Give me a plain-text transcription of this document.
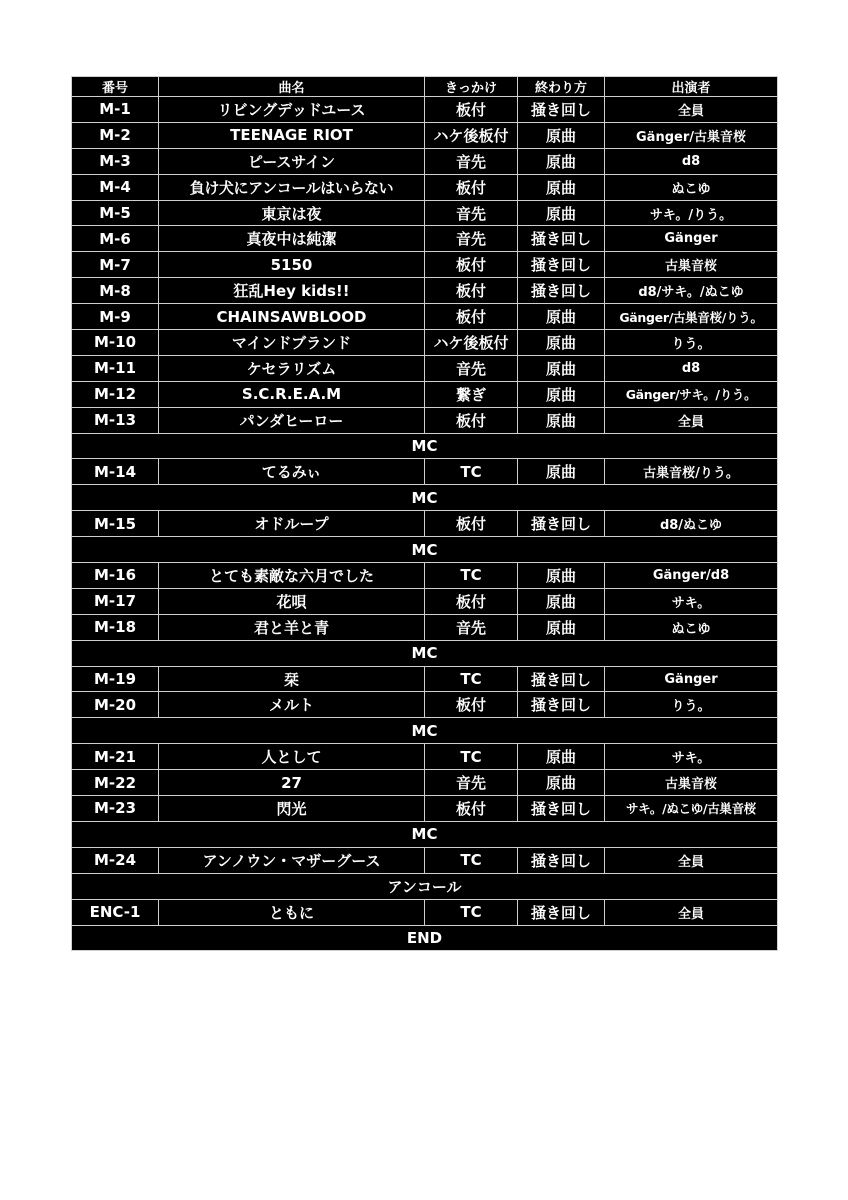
番号	曲名	きっかけ	終わり方	出演者
M-1	リビングデッドユース	板付	掻き回し	全員
M-2	TEENAGE RIOT	ハケ後板付	原曲	Gänger/古巣音桜
M-3	ピースサイン	音先	原曲	d8
M-4	負け犬にアンコールはいらない	板付	原曲	ぬこゆ
M-5	東京は夜	音先	原曲	サキ。/りう。
M-6	真夜中は純潔	音先	掻き回し	Gänger
M-7	5150	板付	掻き回し	古巣音桜
M-8	狂乱Hey kids!!	板付	掻き回し	d8/サキ。/ぬこゆ
M-9	CHAINSAWBLOOD	板付	原曲	Gänger/古巣音桜/りう。
M-10	マインドブランド	ハケ後板付	原曲	りう。
M-11	ケセラリズム	音先	原曲	d8
M-12	S.C.R.E.A.M	繋ぎ	原曲	Gänger/サキ。/りう。
M-13	パンダヒーロー	板付	原曲	全員
MC				
M-14	てるみぃ	TC	原曲	古巣音桜/りう。
MC				
M-15	オドループ	板付	掻き回し	d8/ぬこゆ
MC				
M-16	とても素敵な六月でした	TC	原曲	Gänger/d8
M-17	花唄	板付	原曲	サキ。
M-18	君と羊と青	音先	原曲	ぬこゆ
MC				
M-19	栞	TC	掻き回し	Gänger
M-20	メルト	板付	掻き回し	りう。
MC				
M-21	人として	TC	原曲	サキ。
M-22	27	音先	原曲	古巣音桜
M-23	閃光	板付	掻き回し	サキ。/ぬこゆ/古巣音桜
MC				
M-24	アンノウン・マザーグース	TC	掻き回し	全員
アンコール				
ENC-1	ともに	TC	掻き回し	全員
END				
